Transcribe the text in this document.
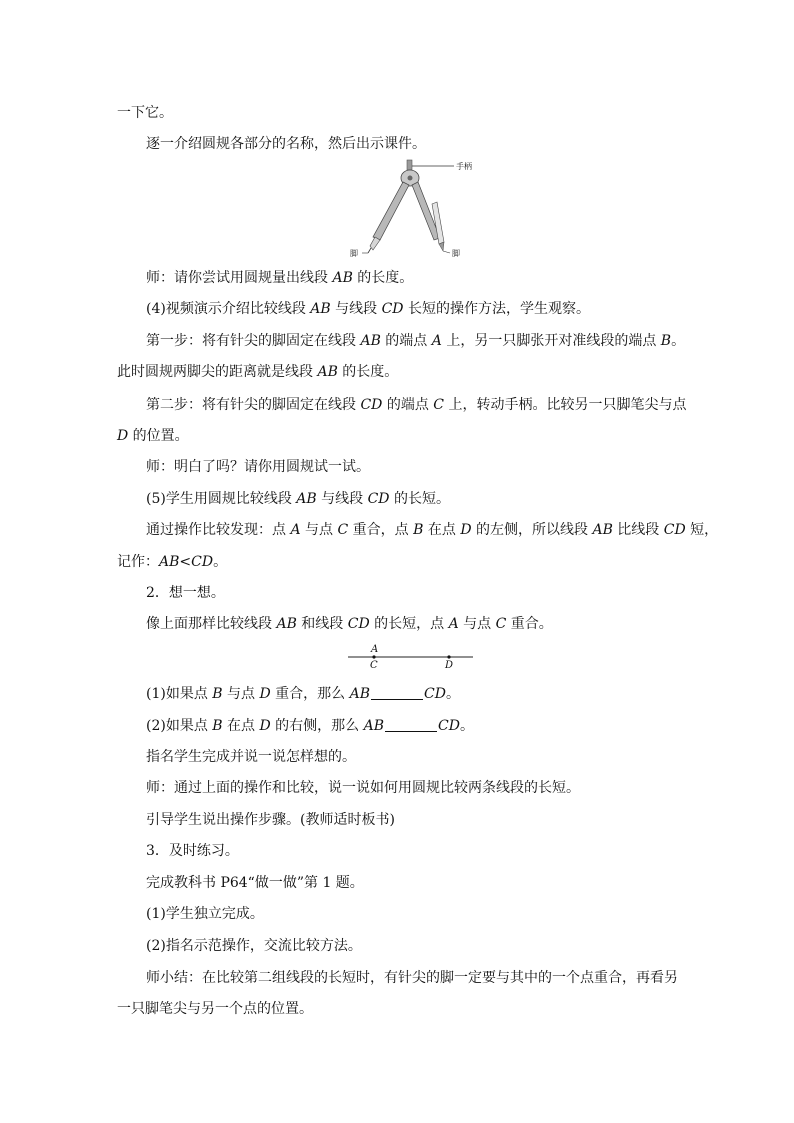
一下它。
逐一介绍圆规各部分的名称，然后出示课件。
手柄
脚	脚
师：请你尝试用圆规量出线段 AB 的长度。
(4)视频演示介绍比较线段 AB 与线段 CD 长短的操作方法，学生观察。
第一步：将有针尖的脚固定在线段 AB 的端点 A 上，另一只脚张开对准线段的端点 B。
此时圆规两脚尖的距离就是线段 AB 的长度。
第二步：将有针尖的脚固定在线段 CD 的端点 C 上，转动手柄。比较另一只脚笔尖与点
D 的位置。
师：明白了吗？请你用圆规试一试。
(5)学生用圆规比较线段 AB 与线段 CD 的长短。
通过操作比较发现：点 A 与点 C 重合，点 B 在点 D 的左侧，所以线段 AB 比线段 CD 短，
记作：AB<CD。
2．想一想。
像上面那样比较线段 AB 和线段 CD 的长短，点 A 与点 C 重合。
A
C	D
(1)如果点 B 与点 D 重合，那么 AB	CD。
(2)如果点 B 在点 D 的右侧，那么 AB	CD。
指名学生完成并说一说怎样想的。
师：通过上面的操作和比较，说一说如何用圆规比较两条线段的长短。
引导学生说出操作步骤。(教师适时板书)
3．及时练习。
完成教科书 P64“做一做”第 1 题。
(1)学生独立完成。
(2)指名示范操作，交流比较方法。
师小结：在比较第二组线段的长短时，有针尖的脚一定要与其中的一个点重合，再看另
一只脚笔尖与另一个点的位置。
